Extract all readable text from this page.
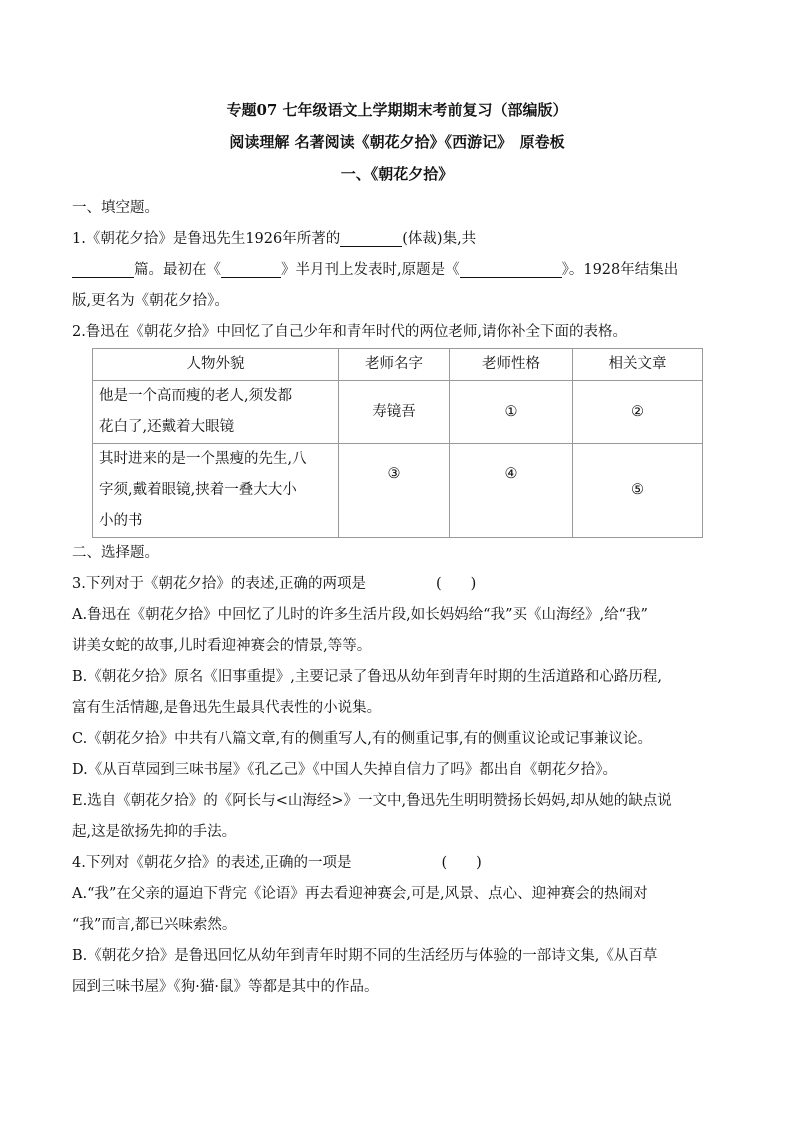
专题07 七年级语文上学期期末考前复习（部编版）
阅读理解 名著阅读《朝花夕拾》《西游记》　原卷板
一、《朝花夕拾》

一、填空题。

1.《朝花夕拾》是鲁迅先生1926年所著的	(体裁)集,共

篇。最初在《	》半月刊上发表时,原题是《	》。1928年结集出

版,更名为《朝花夕拾》。

2.鲁迅在《朝花夕拾》中回忆了自己少年和青年时代的两位老师,请你补全下面的表格。

人物外貌	老师名字	老师性格	相关文章

他是一个高而瘦的老人,须发都
花白了,还戴着大眼镜	寿镜吾	①	②

其时进来的是一个黑瘦的先生,八
字须,戴着眼镜,挟着一叠大大小
小的书	③	④	⑤

二、选择题。

3.下列对于《朝花夕拾》的表述,正确的两项是	(　　)

A.鲁迅在《朝花夕拾》中回忆了儿时的许多生活片段,如长妈妈给“我”买《山海经》,给“我”

讲美女蛇的故事,儿时看迎神赛会的情景,等等。

B.《朝花夕拾》原名《旧事重提》,主要记录了鲁迅从幼年到青年时期的生活道路和心路历程,

富有生活情趣,是鲁迅先生最具代表性的小说集。

C.《朝花夕拾》中共有八篇文章,有的侧重写人,有的侧重记事,有的侧重议论或记事兼议论。

D.《从百草园到三味书屋》《孔乙己》《中国人失掉自信力了吗》都出自《朝花夕拾》。

E.选自《朝花夕拾》的《阿长与<山海经>》一文中,鲁迅先生明明赞扬长妈妈,却从她的缺点说

起,这是欲扬先抑的手法。

4.下列对《朝花夕拾》的表述,正确的一项是	(　　)

A.“我”在父亲的逼迫下背完《论语》再去看迎神赛会,可是,风景、点心、迎神赛会的热闹对

“我”而言,都已兴味索然。

B.《朝花夕拾》是鲁迅回忆从幼年到青年时期不同的生活经历与体验的一部诗文集,《从百草

园到三味书屋》《狗·猫·鼠》等都是其中的作品。
